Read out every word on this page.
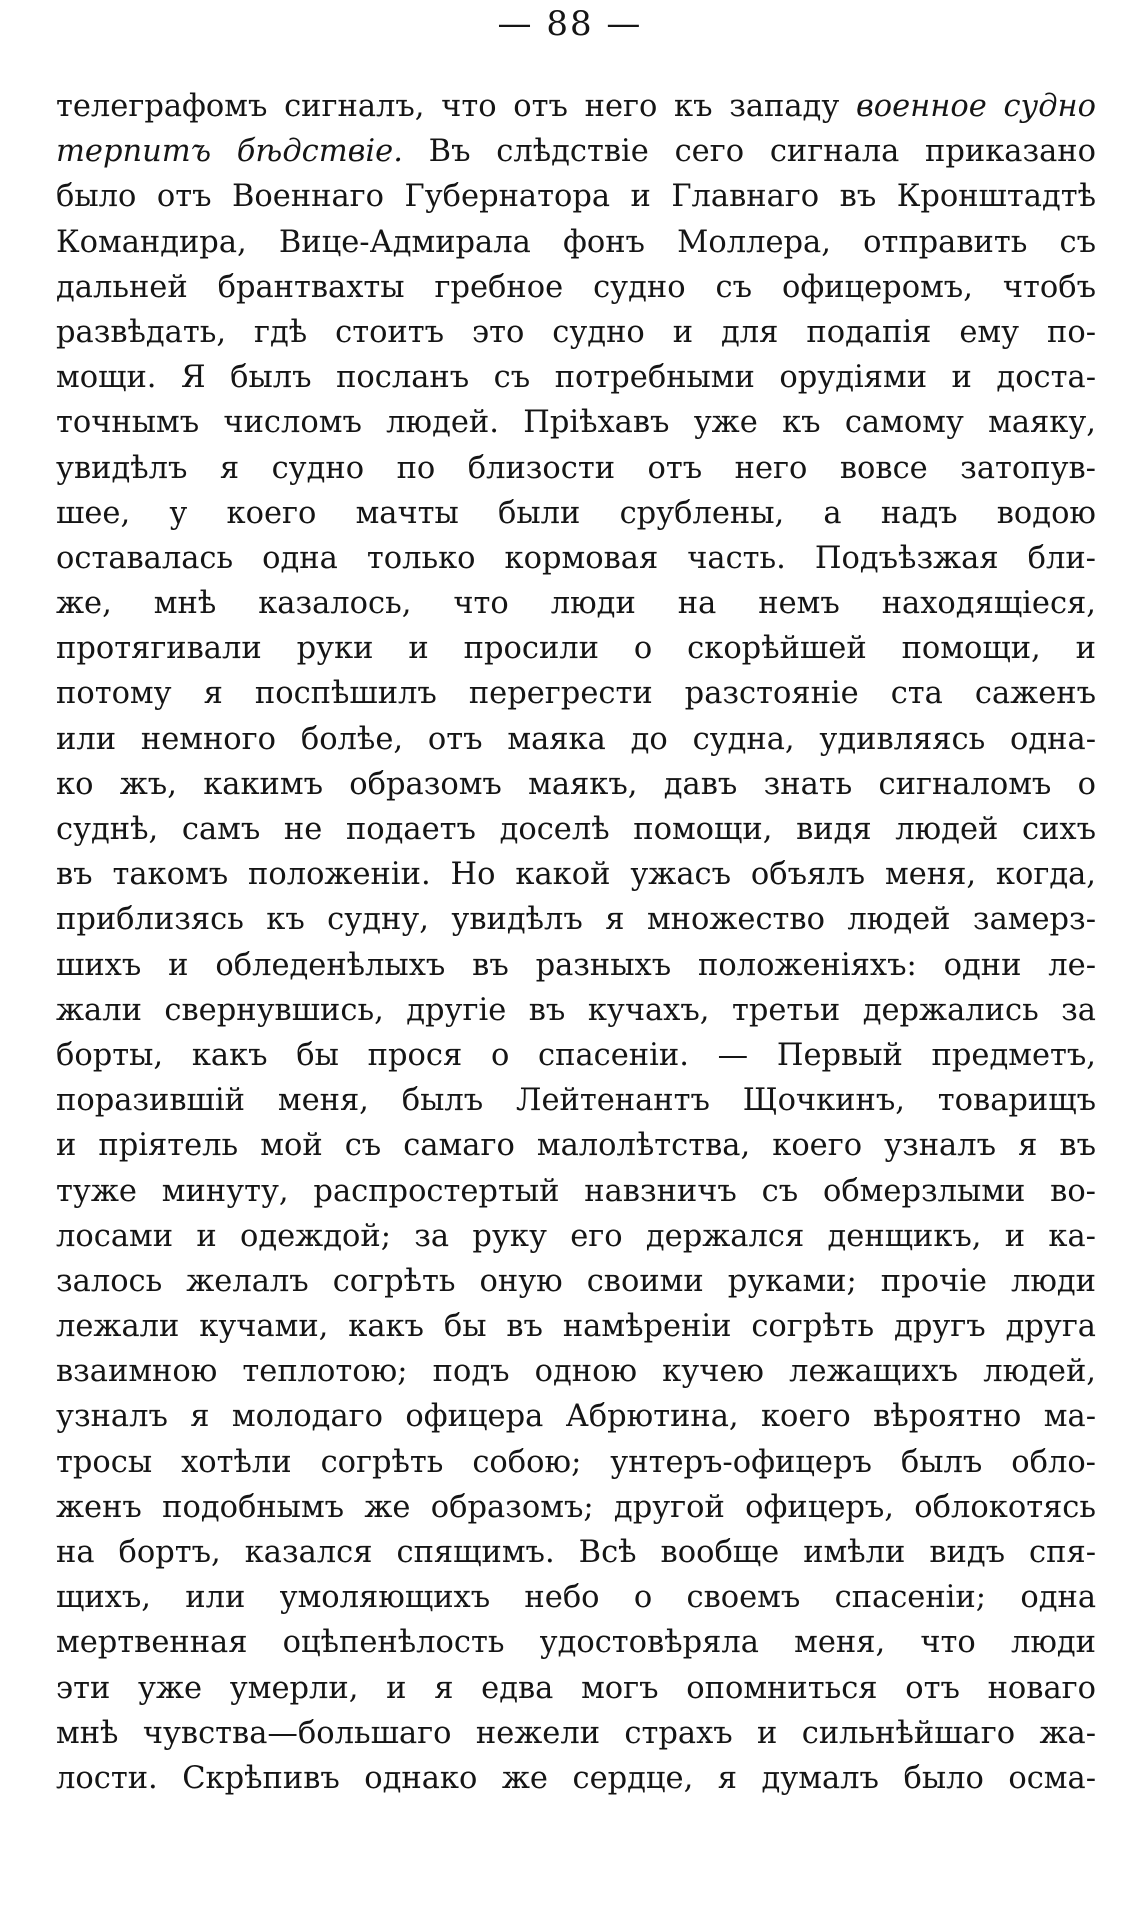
— 88 —
телеграфомъ сигналъ, что отъ него къ западу военное судно
терпитъ бѣдствіе. Въ слѣдствіе сего сигнала приказано
было отъ Военнаго Губернатора и Главнаго въ Кронштадтѣ
Командира, Вице-Адмирала фонъ Моллера, отправить съ
дальней брантвахты гребное судно съ офицеромъ, чтобъ
развѣдать, гдѣ стоитъ это судно и для подапія ему по-
мощи. Я былъ посланъ съ потребными орудіями и доста-
точнымъ числомъ людей. Пріѣхавъ уже къ самому маяку,
увидѣлъ я судно по близости отъ него вовсе затопув-
шее, у коего мачты были срублены, а надъ водою
оставалась одна только кормовая часть. Подъѣзжая бли-
же, мнѣ казалось, что люди на немъ находящіеся,
протягивали руки и просили о скорѣйшей помощи, и
потому я поспѣшилъ перегрести разстояніе ста саженъ
или немного болѣе, отъ маяка до судна, удивляясь одна-
ко жъ, какимъ образомъ маякъ, давъ знать сигналомъ о
суднѣ, самъ не подаетъ доселѣ помощи, видя людей сихъ
въ такомъ положеніи. Но какой ужасъ объялъ меня, когда,
приблизясь къ судну, увидѣлъ я множество людей замерз-
шихъ и обледенѣлыхъ въ разныхъ положеніяхъ: одни ле-
жали свернувшись, другіе въ кучахъ, третьи держались за
борты, какъ бы прося о спасеніи. — Первый предметъ,
поразившій меня, былъ Лейтенантъ Щочкинъ, товарищъ
и пріятель мой съ самаго малолѣтства, коего узналъ я въ
туже минуту, распростертый навзничъ съ обмерзлыми во-
лосами и одеждой; за руку его держался денщикъ, и ка-
залось желалъ согрѣть оную своими руками; прочіе люди
лежали кучами, какъ бы въ намѣреніи согрѣть другъ друга
взаимною теплотою; подъ одною кучею лежащихъ людей,
узналъ я молодаго офицера Абрютина, коего вѣроятно ма-
тросы хотѣли согрѣть собою; унтеръ-офицеръ былъ обло-
женъ подобнымъ же образомъ; другой офицеръ, облокотясь
на бортъ, казался спящимъ. Всѣ вообще имѣли видъ спя-
щихъ, или умоляющихъ небо о своемъ спасеніи; одна
мертвенная оцѣпенѣлость удостовѣряла меня, что люди
эти уже умерли, и я едва могъ опомниться отъ новаго
мнѣ чувства—большаго нежели страхъ и сильнѣйшаго жа-
лости. Скрѣпивъ однако же сердце, я думалъ было осма-
